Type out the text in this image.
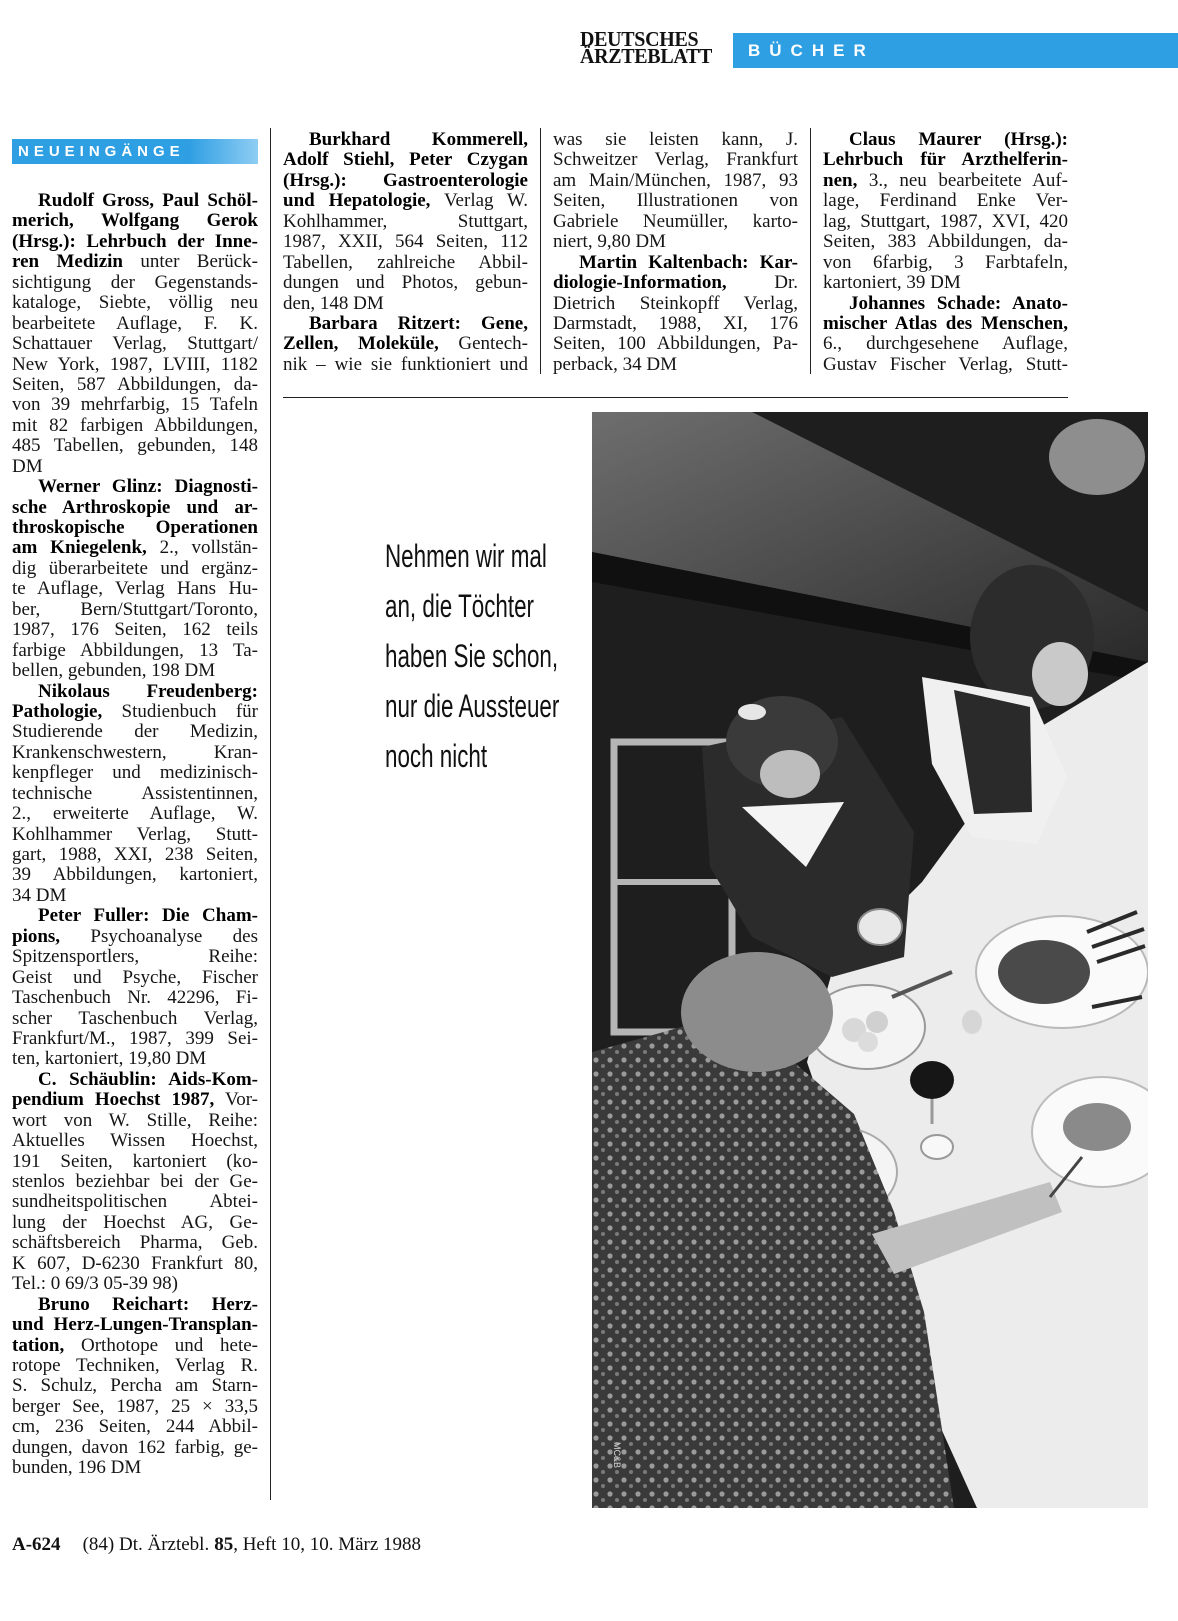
DEUTSCHES
ÄRZTEBLATT	BÜCHER
NEUEINGÄNGE
Rudolf Gross, Paul Schöl-
merich, Wolfgang Gerok
(Hrsg.): Lehrbuch der Inne-
ren Medizin unter Berück-
sichtigung der Gegenstands-
kataloge, Siebte, völlig neu
bearbeitete Auflage, F. K.
Schattauer Verlag, Stuttgart/
New York, 1987, LVIII, 1182
Seiten, 587 Abbildungen, da-
von 39 mehrfarbig, 15 Tafeln
mit 82 farbigen Abbildungen,
485 Tabellen, gebunden, 148
DM
Werner Glinz: Diagnosti-
sche Arthroskopie und ar-
throskopische Operationen
am Kniegelenk, 2., vollstän-
dig überarbeitete und ergänz-
te Auflage, Verlag Hans Hu-
ber, Bern/Stuttgart/Toronto,
1987, 176 Seiten, 162 teils
farbige Abbildungen, 13 Ta-
bellen, gebunden, 198 DM
Nikolaus Freudenberg:
Pathologie, Studienbuch für
Studierende der Medizin,
Krankenschwestern, Kran-
kenpfleger und medizinisch-
technische Assistentinnen,
2., erweiterte Auflage, W.
Kohlhammer Verlag, Stutt-
gart, 1988, XXI, 238 Seiten,
39 Abbildungen, kartoniert,
34 DM
Peter Fuller: Die Cham-
pions, Psychoanalyse des
Spitzensportlers, Reihe:
Geist und Psyche, Fischer
Taschenbuch Nr. 42296, Fi-
scher Taschenbuch Verlag,
Frankfurt/M., 1987, 399 Sei-
ten, kartoniert, 19,80 DM
C. Schäublin: Aids-Kom-
pendium Hoechst 1987, Vor-
wort von W. Stille, Reihe:
Aktuelles Wissen Hoechst,
191 Seiten, kartoniert (ko-
stenlos beziehbar bei der Ge-
sundheitspolitischen Abtei-
lung der Hoechst AG, Ge-
schäftsbereich Pharma, Geb.
K 607, D-6230 Frankfurt 80,
Tel.: 0 69/3 05-39 98)
Bruno Reichart: Herz-
und Herz-Lungen-Transplan-
tation, Orthotope und hete-
rotope Techniken, Verlag R.
S. Schulz, Percha am Starn-
berger See, 1987, 25 × 33,5
cm, 236 Seiten, 244 Abbil-
dungen, davon 162 farbig, ge-
bunden, 196 DM
Burkhard Kommerell,
Adolf Stiehl, Peter Czygan
(Hrsg.): Gastroenterologie
und Hepatologie, Verlag W.
Kohlhammer, Stuttgart,
1987, XXII, 564 Seiten, 112
Tabellen, zahlreiche Abbil-
dungen und Photos, gebun-
den, 148 DM
Barbara Ritzert: Gene,
Zellen, Moleküle, Gentech-
nik – wie sie funktioniert und
was sie leisten kann, J.
Schweitzer Verlag, Frankfurt
am Main/München, 1987, 93
Seiten, Illustrationen von
Gabriele Neumüller, karto-
niert, 9,80 DM
Martin Kaltenbach: Kar-
diologie-Information, Dr.
Dietrich Steinkopff Verlag,
Darmstadt, 1988, XI, 176
Seiten, 100 Abbildungen, Pa-
perback, 34 DM
Claus Maurer (Hrsg.):
Lehrbuch für Arzthelferin-
nen, 3., neu bearbeitete Auf-
lage, Ferdinand Enke Ver-
lag, Stuttgart, 1987, XVI, 420
Seiten, 383 Abbildungen, da-
von 6farbig, 3 Farbtafeln,
kartoniert, 39 DM
Johannes Schade: Anato-
mischer Atlas des Menschen,
6., durchgesehene Auflage,
Gustav Fischer Verlag, Stutt-
Nehmen wir mal
an, die Töchter
haben Sie schon,
nur die Aussteuer
noch nicht
MC&B
A-624 (84) Dt. Ärztebl. 85, Heft 10, 10. März 1988
